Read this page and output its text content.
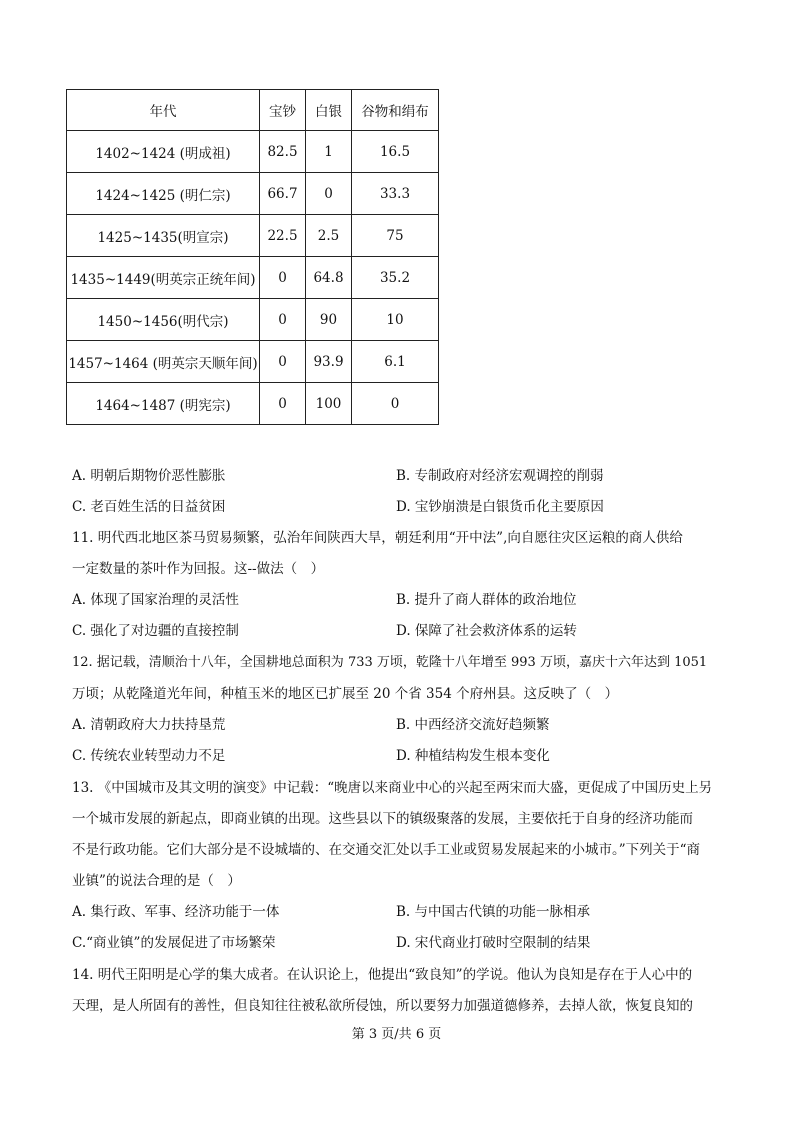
年代	宝钞	白银	谷物和绢布
1402~1424 (明成祖)	82.5	1	16.5
1424~1425 (明仁宗)	66.7	0	33.3
1425~1435(明宣宗)	22.5	2.5	75
1435~1449(明英宗正统年间)	0	64.8	35.2
1450~1456(明代宗)	0	90	10
1457~1464 (明英宗天顺年间)	0	93.9	6.1
1464~1487 (明宪宗)	0	100	0
A. 明朝后期物价恶性膨胀	B. 专制政府对经济宏观调控的削弱
C. 老百姓生活的日益贫困	D. 宝钞崩溃是白银货币化主要原因
11. 明代西北地区茶马贸易频繁，弘治年间陕西大旱，朝廷利用“开中法”,向自愿往灾区运粮的商人供给
一定数量的茶叶作为回报。这--做法（　）
A. 体现了国家治理的灵活性	B. 提升了商人群体的政治地位
C. 强化了对边疆的直接控制	D. 保障了社会救济体系的运转
12. 据记载，清顺治十八年，全国耕地总面积为 733 万顷，乾隆十八年增至 993 万顷，嘉庆十六年达到 1051
万顷；从乾隆道光年间，种植玉米的地区已扩展至 20 个省 354 个府州县。这反映了（　）
A. 清朝政府大力扶持垦荒	B. 中西经济交流好趋频繁
C. 传统农业转型动力不足	D. 种植结构发生根本变化
13. 《中国城市及其文明的演变》中记载：“晚唐以来商业中心的兴起至两宋而大盛，更促成了中国历史上另
一个城市发展的新起点，即商业镇的出现。这些县以下的镇级聚落的发展，主要依托于自身的经济功能而
不是行政功能。它们大部分是不设城墙的、在交通交汇处以手工业或贸易发展起来的小城市。”下列关于“商
业镇”的说法合理的是（　）
A. 集行政、军事、经济功能于一体	B. 与中国古代镇的功能一脉相承
C.“商业镇”的发展促进了市场繁荣	D. 宋代商业打破时空限制的结果
14. 明代王阳明是心学的集大成者。在认识论上，他提出“致良知”的学说。他认为良知是存在于人心中的
天理，是人所固有的善性，但良知往往被私欲所侵蚀，所以要努力加强道德修养，去掉人欲，恢复良知的
第 3 页/共 6 页
